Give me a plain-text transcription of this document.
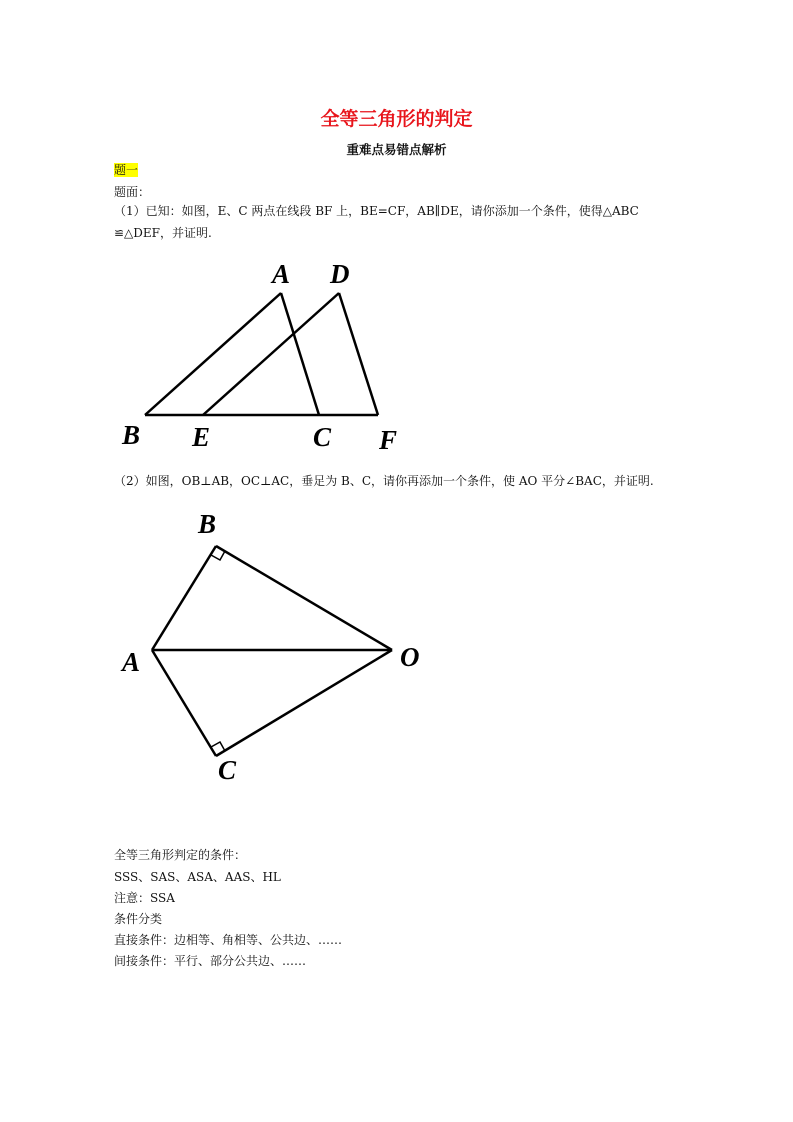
全等三角形的判定
重难点易错点解析
题一
题面：
（1）已知：如图，E、C 两点在线段 BF 上，BE=CF，AB∥DE，请你添加一个条件，使得△ABC
≌△DEF，并证明.
A D
B E	C F
B
A	O
C
（2）如图，OB⊥AB，OC⊥AC，垂足为 B、C，请你再添加一个条件，使 AO 平分∠BAC，并证明.
全等三角形判定的条件：
SSS、SAS、ASA、AAS、HL
注意：SSA
条件分类
直接条件：边相等、角相等、公共边、……
间接条件：平行、部分公共边、……
